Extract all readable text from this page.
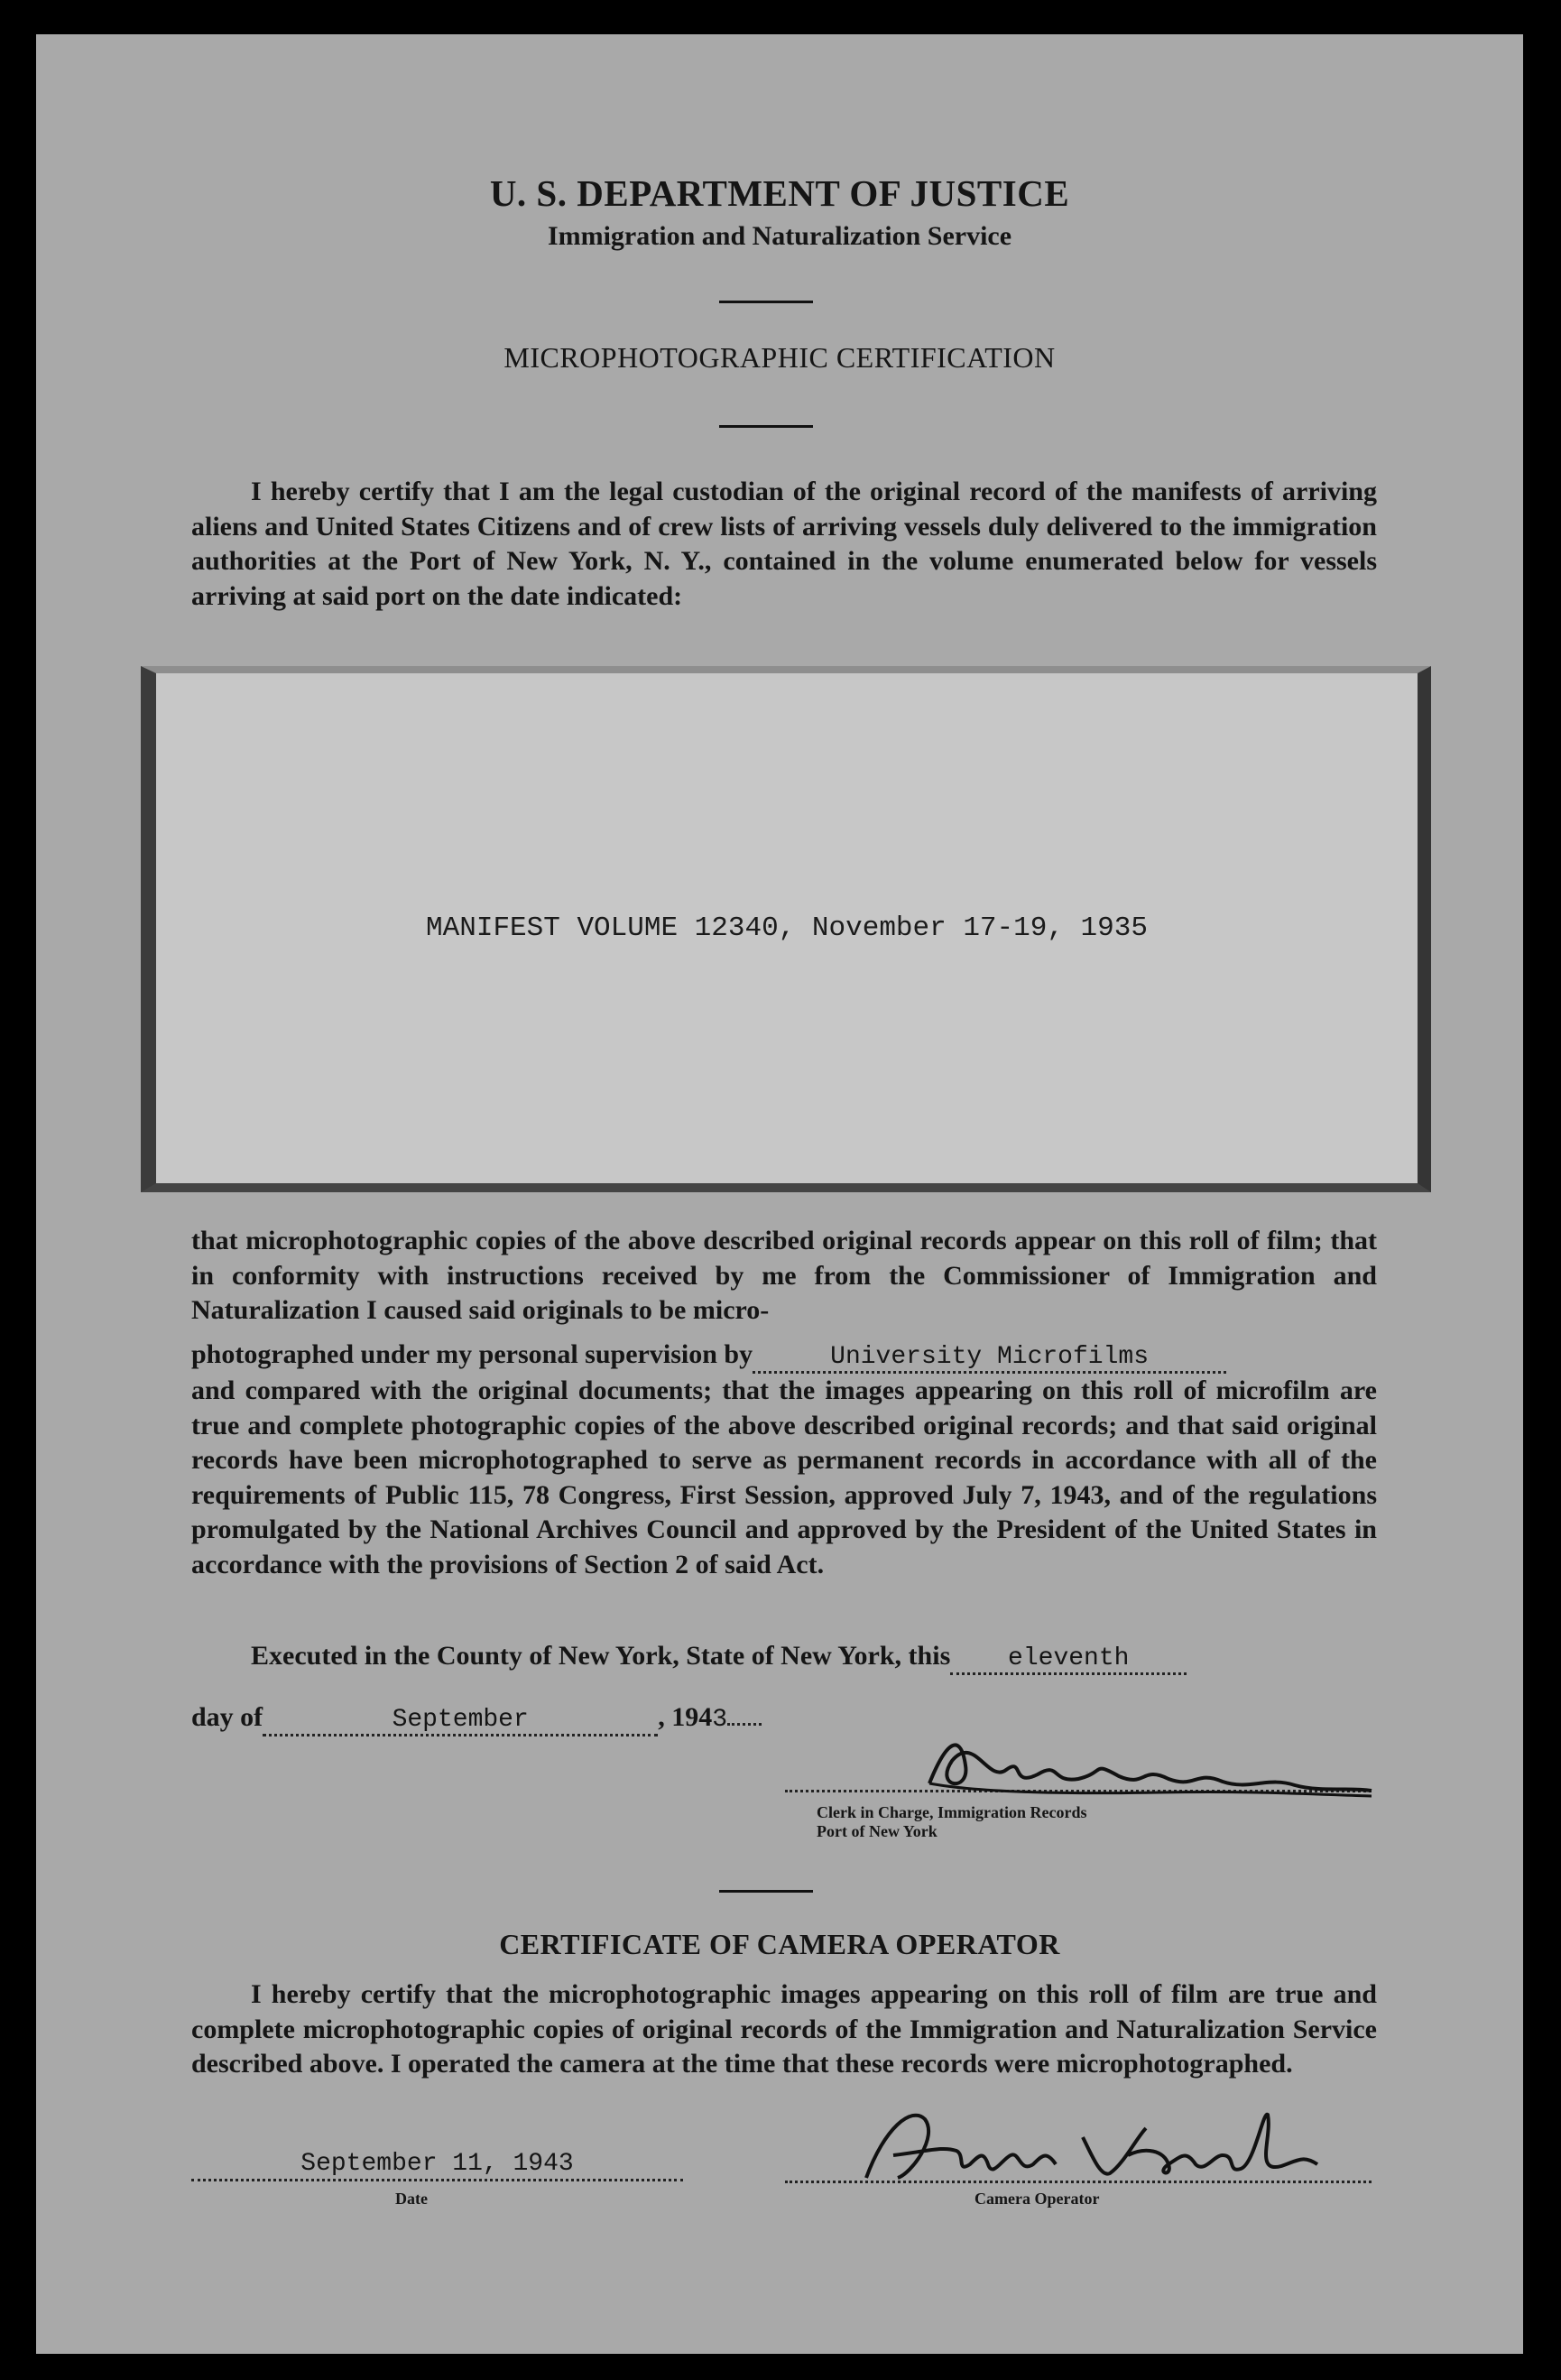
U. S. DEPARTMENT OF JUSTICE
Immigration and Naturalization Service
MICROPHOTOGRAPHIC CERTIFICATION
I hereby certify that I am the legal custodian of the original record of the manifests of arriving aliens and United States Citizens and of crew lists of arriving vessels duly delivered to the immigration authorities at the Port of New York, N. Y., contained in the volume enumerated below for vessels arriving at said port on the date indicated:
MANIFEST VOLUME 12340, November 17-19, 1935
that microphotographic copies of the above described original records appear on this roll of film; that in conformity with instructions received by me from the Commissioner of Immigration and Naturalization I caused said originals to be micro-
photographed under my personal supervision by	University Microfilms
and compared with the original documents; that the images appearing on this roll of microfilm are true and complete photographic copies of the above described original records; and that said original records have been microphotographed to serve as permanent records in accordance with all of the requirements of Public 115, 78 Congress, First Session, approved July 7, 1943, and of the regulations promulgated by the National Archives Council and approved by the President of the United States in accordance with the provisions of Section 2 of said Act.
Executed in the County of New York, State of New York, this eleventh
day of	September	, 1943
Clerk in Charge, Immigration Records
Port of New York
CERTIFICATE OF CAMERA OPERATOR
I hereby certify that the microphotographic images appearing on this roll of film are true and complete microphotographic copies of original records of the Immigration and Naturalization Service described above. I operated the camera at the time that these records were microphotographed.
September 11, 1943
Date	Camera Operator
